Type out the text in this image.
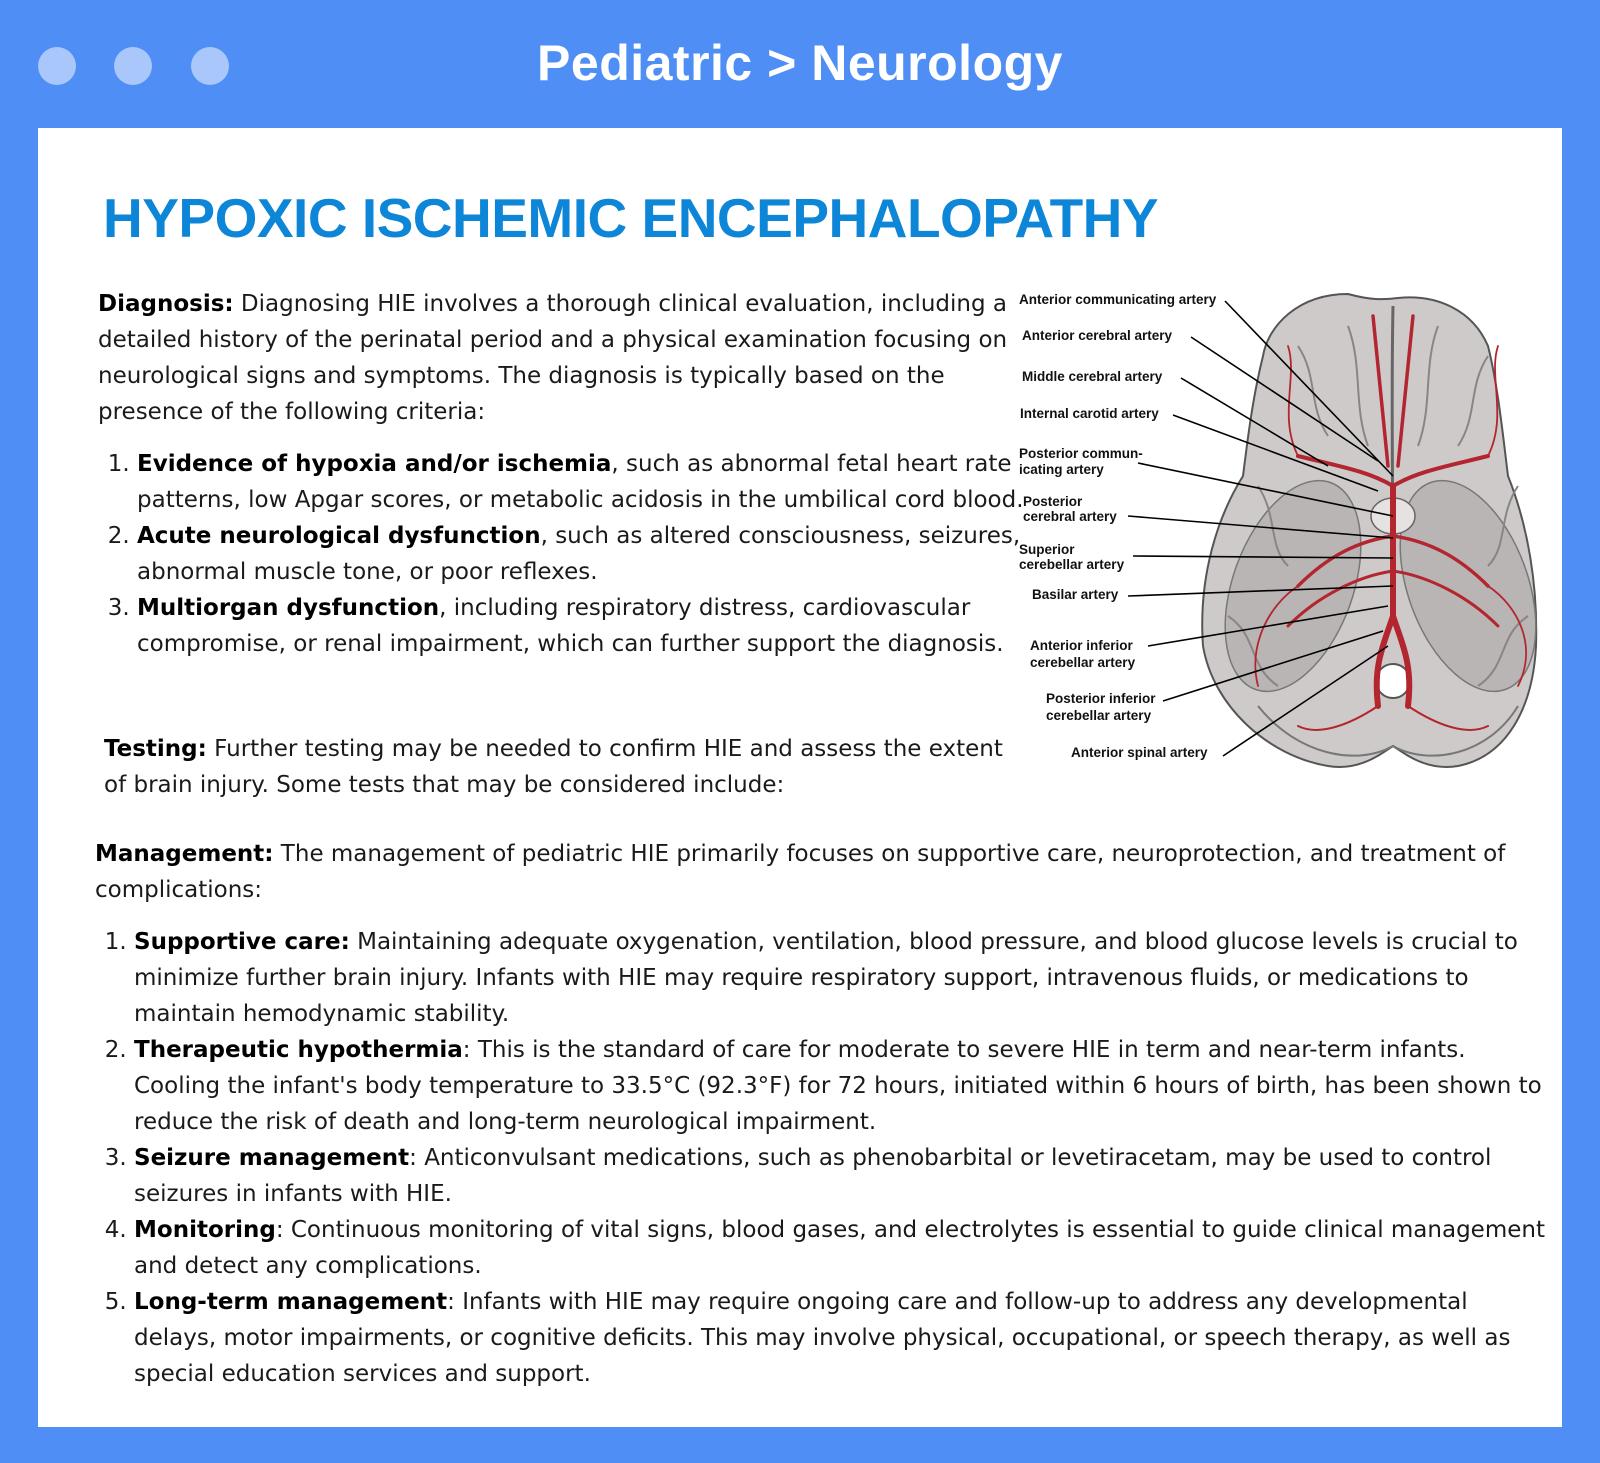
Pediatric > Neurology
HYPOXIC ISCHEMIC ENCEPHALOPATHY

Diagnosis: Diagnosing HIE involves a thorough clinical evaluation, including a detailed history of the perinatal period and a physical examination focusing on neurological signs and symptoms. The diagnosis is typically based on the presence of the following criteria:

1. Evidence of hypoxia and/or ischemia, such as abnormal fetal heart rate patterns, low Apgar scores, or metabolic acidosis in the umbilical cord blood.
2. Acute neurological dysfunction, such as altered consciousness, seizures, abnormal muscle tone, or poor reflexes.
3. Multiorgan dysfunction, including respiratory distress, cardiovascular compromise, or renal impairment, which can further support the diagnosis.

Testing: Further testing may be needed to confirm HIE and assess the extent of brain injury. Some tests that may be considered include:

Anterior communicating artery
Anterior cerebral artery
Middle cerebral artery
Internal carotid artery
Posterior commun-
icating artery
Posterior
cerebral artery
Superior
cerebellar artery
Basilar artery
Anterior inferior
cerebellar artery
Posterior inferior
cerebellar artery
Anterior spinal artery

Management: The management of pediatric HIE primarily focuses on supportive care, neuroprotection, and treatment of complications:

1. Supportive care: Maintaining adequate oxygenation, ventilation, blood pressure, and blood glucose levels is crucial to minimize further brain injury. Infants with HIE may require respiratory support, intravenous fluids, or medications to maintain hemodynamic stability.
2. Therapeutic hypothermia: This is the standard of care for moderate to severe HIE in term and near-term infants. Cooling the infant's body temperature to 33.5°C (92.3°F) for 72 hours, initiated within 6 hours of birth, has been shown to reduce the risk of death and long-term neurological impairment.
3. Seizure management: Anticonvulsant medications, such as phenobarbital or levetiracetam, may be used to control seizures in infants with HIE.
4. Monitoring: Continuous monitoring of vital signs, blood gases, and electrolytes is essential to guide clinical management and detect any complications.
5. Long-term management: Infants with HIE may require ongoing care and follow-up to address any developmental delays, motor impairments, or cognitive deficits. This may involve physical, occupational, or speech therapy, as well as special education services and support.
